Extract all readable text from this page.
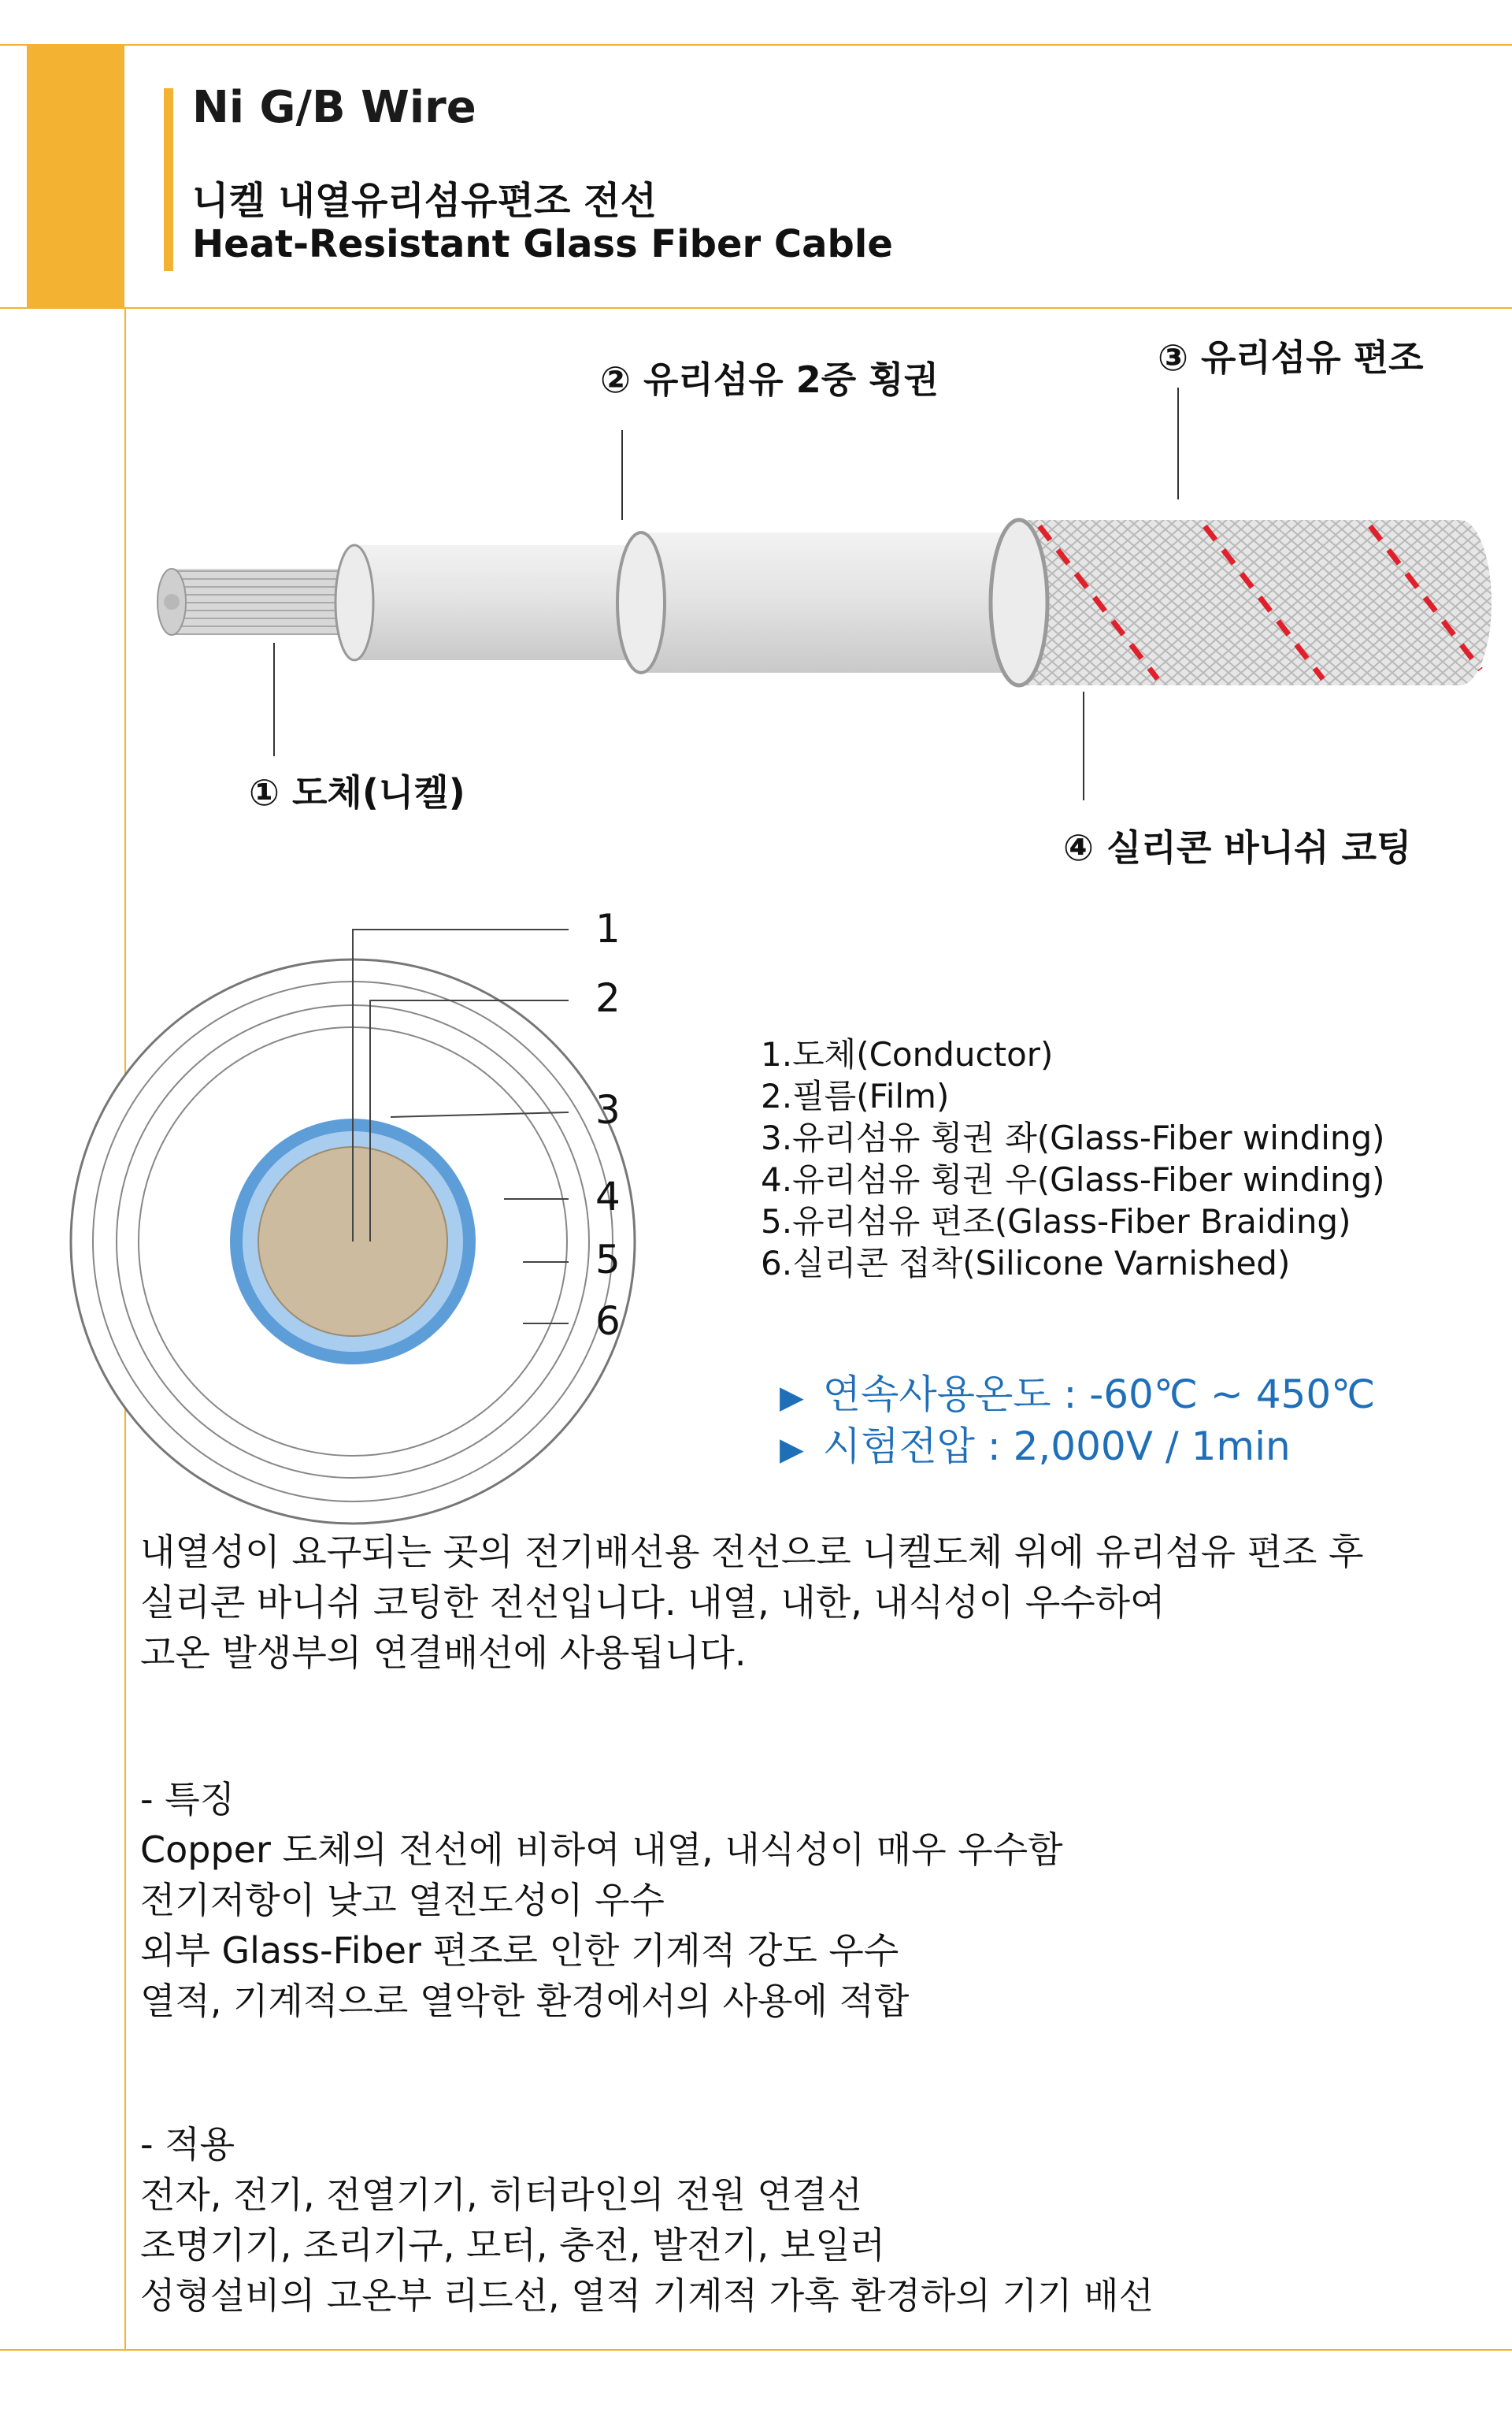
Ni G/B Wire
니켈 내열유리섬유편조 전선
Heat-Resistant Glass Fiber Cable
① 도체(니켈)
② 유리섬유 2중 횡권
③ 유리섬유 편조
④ 실리콘 바니쉬 코팅
1
2
3
4
5
6
1.도체(Conductor)
2.필름(Film)
3.유리섬유 횡권 좌(Glass-Fiber winding)
4.유리섬유 횡권 우(Glass-Fiber winding)
5.유리섬유 편조(Glass-Fiber Braiding)
6.실리콘 접착(Silicone Varnished)
▶ 연속사용온도 : -60℃ ~ 450℃
▶ 시험전압 : 2,000V / 1min
내열성이 요구되는 곳의 전기배선용 전선으로 니켈도체 위에 유리섬유 편조 후
실리콘 바니쉬 코팅한 전선입니다. 내열, 내한, 내식성이 우수하여
고온 발생부의 연결배선에 사용됩니다.
- 특징
Copper 도체의 전선에 비하여 내열, 내식성이 매우 우수함
전기저항이 낮고 열전도성이 우수
외부 Glass-Fiber 편조로 인한 기계적 강도 우수
열적, 기계적으로 열악한 환경에서의 사용에 적합
- 적용
전자, 전기, 전열기기, 히터라인의 전원 연결선
조명기기, 조리기구, 모터, 충전, 발전기, 보일러
성형설비의 고온부 리드선, 열적 기계적 가혹 환경하의 기기 배선
